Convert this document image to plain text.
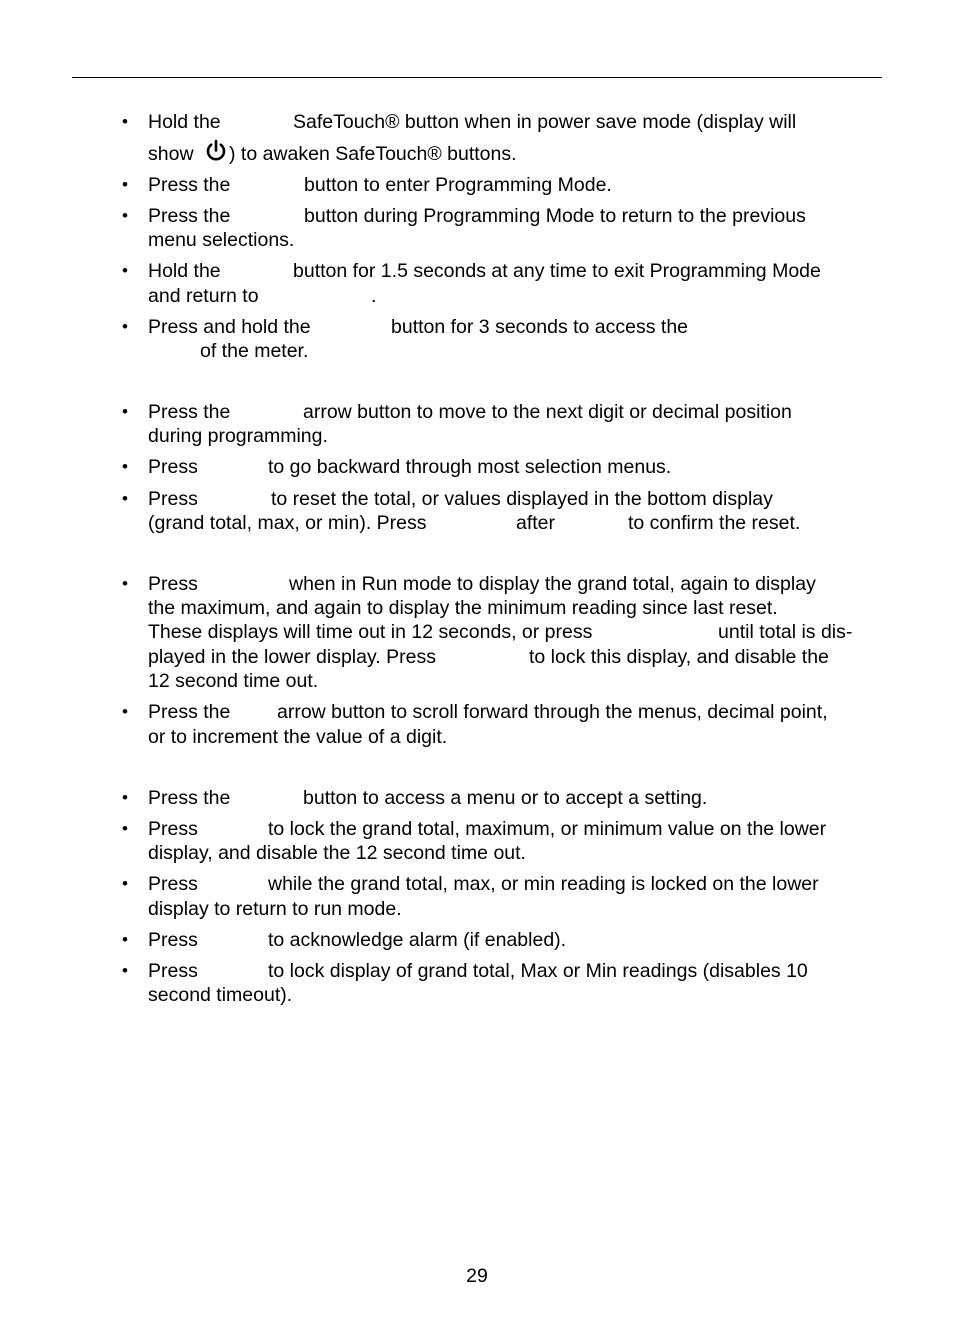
•
•
•
•
•
•
•
•
•
•
•
•
•
•
•
Hold the	SafeTouch® button when in power save mode (display will
show ) to awaken SafeTouch® buttons.
Press the	button to enter Programming Mode.
Press the	button during Programming Mode to return to the previous
menu selections.
Hold the	button for 1.5 seconds at any time to exit Programming Mode
and return to	.
Press and hold the	button for 3 seconds to access the
of the meter.
Press the	arrow button to move to the next digit or decimal position
during programming.
Press	to go backward through most selection menus.
Press	to reset the total, or values displayed in the bottom display
(grand total, max, or min). Press	after	to confirm the reset.
Press	when in Run mode to display the grand total, again to display
the maximum, and again to display the minimum reading since last reset.
These displays will time out in 12 seconds, or press	until total is dis-
played in the lower display. Press	to lock this display, and disable the
12 second time out.
Press the arrow button to scroll forward through the menus, decimal point,
or to increment the value of a digit.
Press the	button to access a menu or to accept a setting.
Press	to lock the grand total, maximum, or minimum value on the lower
display, and disable the 12 second time out.
Press	while the grand total, max, or min reading is locked on the lower
display to return to run mode.
Press	to acknowledge alarm (if enabled).
Press	to lock display of grand total, Max or Min readings (disables 10
second timeout).
29
